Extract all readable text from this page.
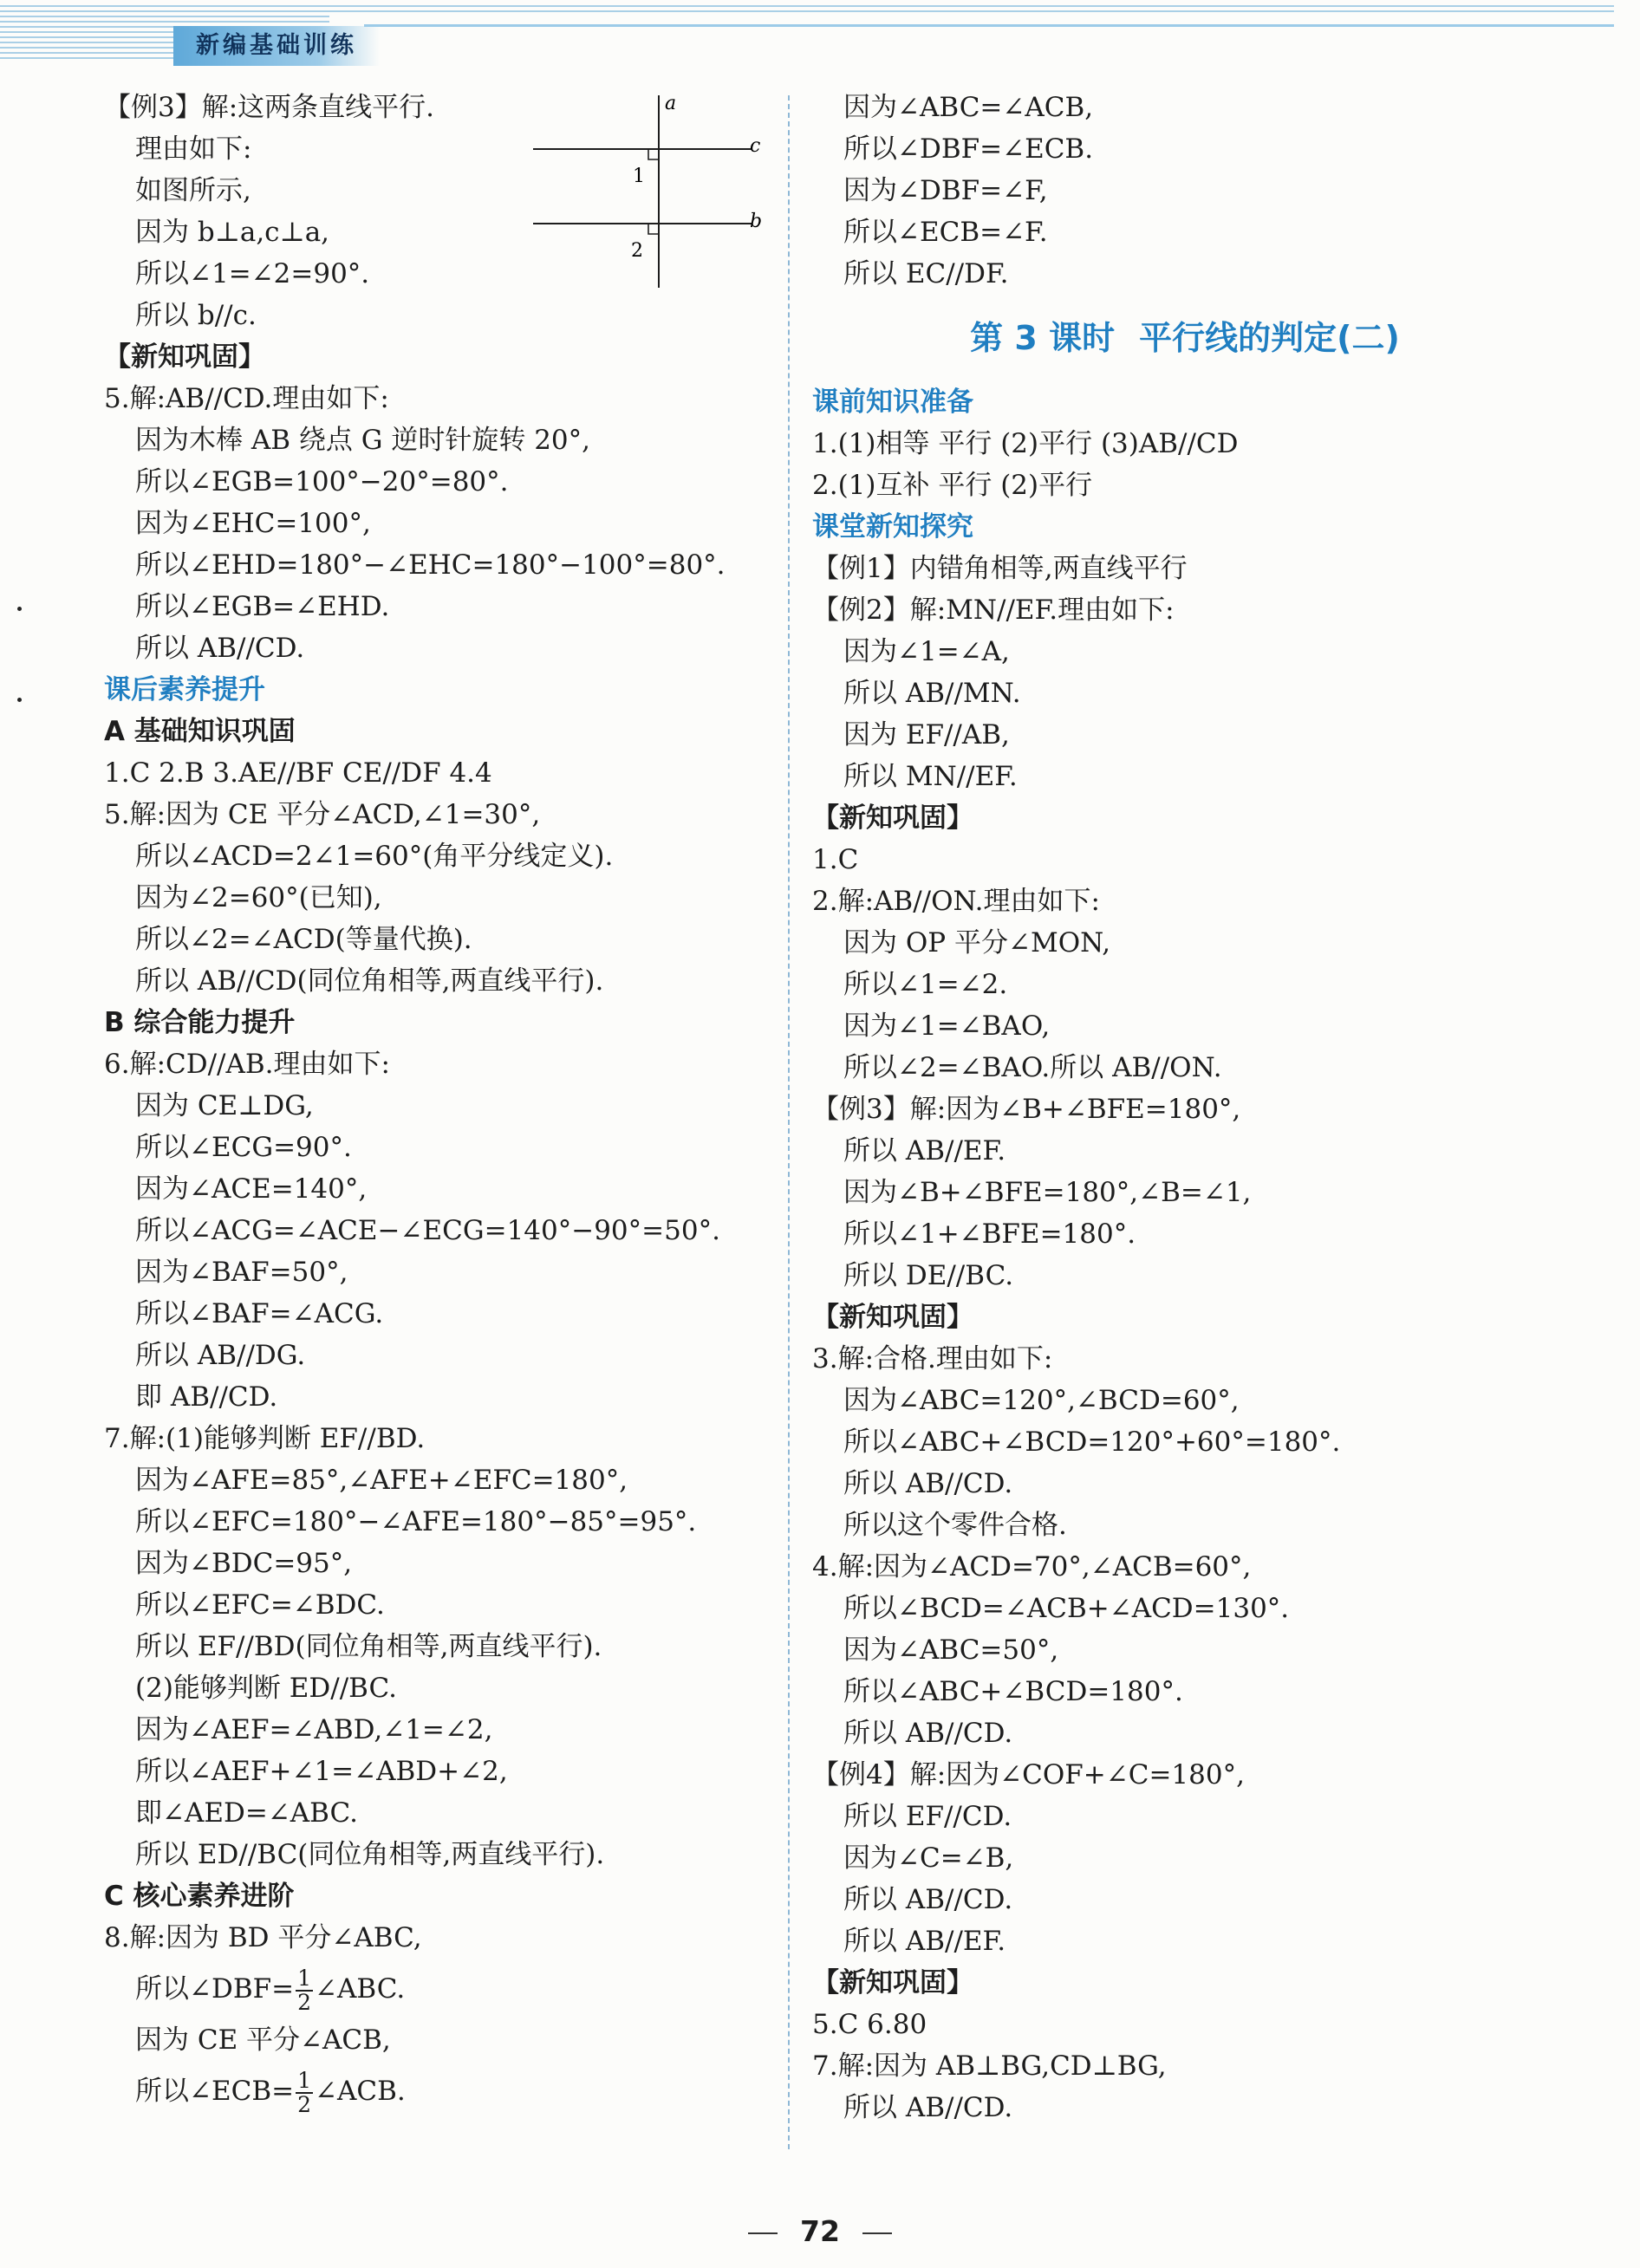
新编基础训练
a
c
b
1
2
【例3】解:这两条直线平行.
理由如下:
如图所示,
因为 b⊥a,c⊥a,
所以∠1=∠2=90°.
所以 b//c.
【新知巩固】
5.解:AB//CD.理由如下:
因为木棒 AB 绕点 G 逆时针旋转 20°,
所以∠EGB=100°−20°=80°.
因为∠EHC=100°,
所以∠EHD=180°−∠EHC=180°−100°=80°.
所以∠EGB=∠EHD.
所以 AB//CD.
课后素养提升
A 基础知识巩固
1.C 2.B 3.AE//BF CE//DF 4.4
5.解:因为 CE 平分∠ACD,∠1=30°,
所以∠ACD=2∠1=60°(角平分线定义).
因为∠2=60°(已知),
所以∠2=∠ACD(等量代换).
所以 AB//CD(同位角相等,两直线平行).
B 综合能力提升
6.解:CD//AB.理由如下:
因为 CE⊥DG,
所以∠ECG=90°.
因为∠ACE=140°,
所以∠ACG=∠ACE−∠ECG=140°−90°=50°.
因为∠BAF=50°,
所以∠BAF=∠ACG.
所以 AB//DG.
即 AB//CD.
7.解:(1)能够判断 EF//BD.
因为∠AFE=85°,∠AFE+∠EFC=180°,
所以∠EFC=180°−∠AFE=180°−85°=95°.
因为∠BDC=95°,
所以∠EFC=∠BDC.
所以 EF//BD(同位角相等,两直线平行).
(2)能够判断 ED//BC.
因为∠AEF=∠ABD,∠1=∠2,
所以∠AEF+∠1=∠ABD+∠2,
即∠AED=∠ABC.
所以 ED//BC(同位角相等,两直线平行).
C 核心素养进阶
8.解:因为 BD 平分∠ABC,
所以∠DBF= $\frac{1}{2}$ ∠ABC.
因为 CE 平分∠ACB,
所以∠ECB= $\frac{1}{2}$ ∠ACB.
因为∠ABC=∠ACB,
所以∠DBF=∠ECB.
因为∠DBF=∠F,
所以∠ECB=∠F.
所以 EC//DF.
第 3 课时 平行线的判定(二)
课前知识准备
1.(1)相等 平行 (2)平行 (3)AB//CD
2.(1)互补 平行 (2)平行
课堂新知探究
【例1】内错角相等,两直线平行
【例2】解:MN//EF.理由如下:
因为∠1=∠A,
所以 AB//MN.
因为 EF//AB,
所以 MN//EF.
【新知巩固】
1.C
2.解:AB//ON.理由如下:
因为 OP 平分∠MON,
所以∠1=∠2.
因为∠1=∠BAO,
所以∠2=∠BAO.所以 AB//ON.
【例3】解:因为∠B+∠BFE=180°,
所以 AB//EF.
因为∠B+∠BFE=180°,∠B=∠1,
所以∠1+∠BFE=180°.
所以 DE//BC.
【新知巩固】
3.解:合格.理由如下:
因为∠ABC=120°,∠BCD=60°,
所以∠ABC+∠BCD=120°+60°=180°.
所以 AB//CD.
所以这个零件合格.
4.解:因为∠ACD=70°,∠ACB=60°,
所以∠BCD=∠ACB+∠ACD=130°.
因为∠ABC=50°,
所以∠ABC+∠BCD=180°.
所以 AB//CD.
【例4】解:因为∠COF+∠C=180°,
所以 EF//CD.
因为∠C=∠B,
所以 AB//CD.
所以 AB//EF.
【新知巩固】
5.C 6.80
7.解:因为 AB⊥BG,CD⊥BG,
所以 AB//CD.
72
